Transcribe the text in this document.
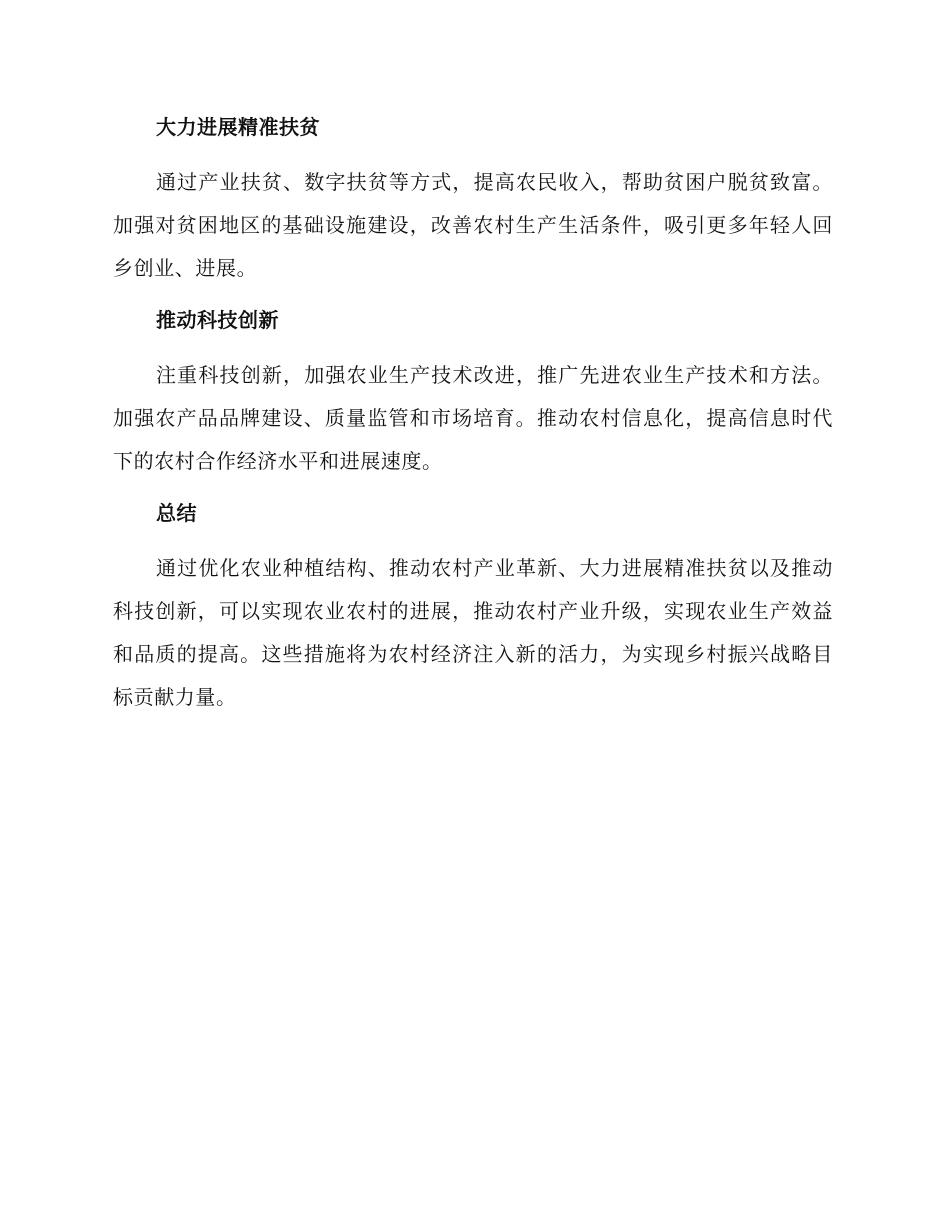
大力进展精准扶贫

通过产业扶贫、数字扶贫等方式，提高农民收入，帮助贫困户脱贫致富。加强对贫困地区的基础设施建设，改善农村生产生活条件，吸引更多年轻人回乡创业、进展。

推动科技创新

注重科技创新，加强农业生产技术改进，推广先进农业生产技术和方法。加强农产品品牌建设、质量监管和市场培育。推动农村信息化，提高信息时代下的农村合作经济水平和进展速度。

总结

通过优化农业种植结构、推动农村产业革新、大力进展精准扶贫以及推动科技创新，可以实现农业农村的进展，推动农村产业升级，实现农业生产效益和品质的提高。这些措施将为农村经济注入新的活力，为实现乡村振兴战略目标贡献力量。
